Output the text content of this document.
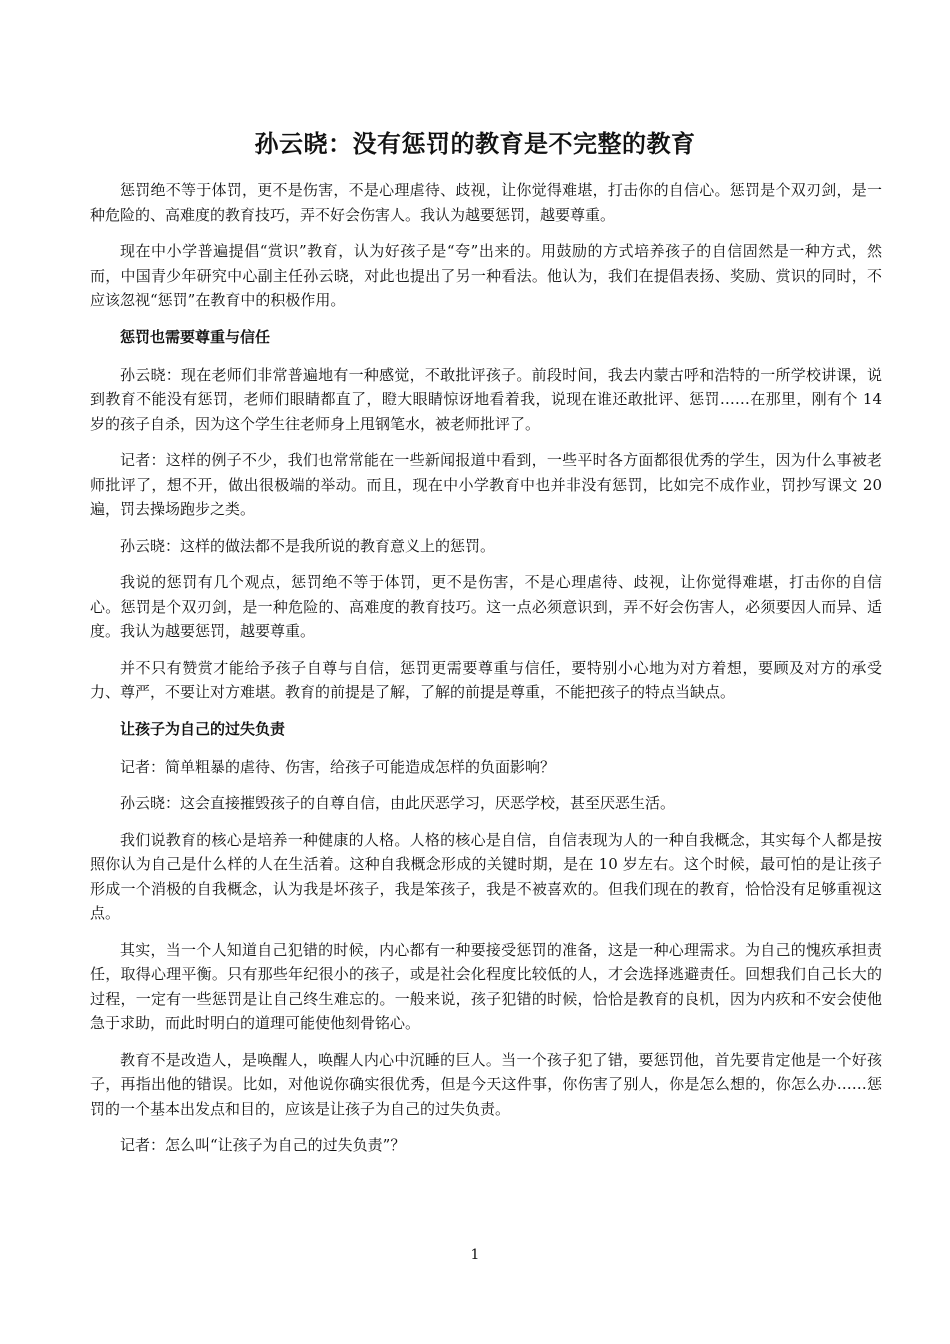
孙云晓：没有惩罚的教育是不完整的教育

惩罚绝不等于体罚，更不是伤害，不是心理虐待、歧视，让你觉得难堪，打击你的自信心。惩罚是个双刃剑，是一种危险的、高难度的教育技巧，弄不好会伤害人。我认为越要惩罚，越要尊重。

现在中小学普遍提倡“赏识”教育，认为好孩子是“夸”出来的。用鼓励的方式培养孩子的自信固然是一种方式，然而，中国青少年研究中心副主任孙云晓，对此也提出了另一种看法。他认为，我们在提倡表扬、奖励、赏识的同时，不应该忽视“惩罚”在教育中的积极作用。

惩罚也需要尊重与信任

孙云晓：现在老师们非常普遍地有一种感觉，不敢批评孩子。前段时间，我去内蒙古呼和浩特的一所学校讲课，说到教育不能没有惩罚，老师们眼睛都直了，瞪大眼睛惊讶地看着我，说现在谁还敢批评、惩罚……在那里，刚有个 14 岁的孩子自杀，因为这个学生往老师身上甩钢笔水，被老师批评了。

记者：这样的例子不少，我们也常常能在一些新闻报道中看到，一些平时各方面都很优秀的学生，因为什么事被老师批评了，想不开，做出很极端的举动。而且，现在中小学教育中也并非没有惩罚，比如完不成作业，罚抄写课文 20 遍，罚去操场跑步之类。

孙云晓：这样的做法都不是我所说的教育意义上的惩罚。

我说的惩罚有几个观点，惩罚绝不等于体罚，更不是伤害，不是心理虐待、歧视，让你觉得难堪，打击你的自信心。惩罚是个双刃剑，是一种危险的、高难度的教育技巧。这一点必须意识到，弄不好会伤害人，必须要因人而异、适度。我认为越要惩罚，越要尊重。

并不只有赞赏才能给予孩子自尊与自信，惩罚更需要尊重与信任，要特别小心地为对方着想，要顾及对方的承受力、尊严，不要让对方难堪。教育的前提是了解，了解的前提是尊重，不能把孩子的特点当缺点。

让孩子为自己的过失负责

记者：简单粗暴的虐待、伤害，给孩子可能造成怎样的负面影响？

孙云晓：这会直接摧毁孩子的自尊自信，由此厌恶学习，厌恶学校，甚至厌恶生活。

我们说教育的核心是培养一种健康的人格。人格的核心是自信，自信表现为人的一种自我概念，其实每个人都是按照你认为自己是什么样的人在生活着。这种自我概念形成的关键时期，是在 10 岁左右。这个时候，最可怕的是让孩子形成一个消极的自我概念，认为我是坏孩子，我是笨孩子，我是不被喜欢的。但我们现在的教育，恰恰没有足够重视这点。

其实，当一个人知道自己犯错的时候，内心都有一种要接受惩罚的准备，这是一种心理需求。为自己的愧疚承担责任，取得心理平衡。只有那些年纪很小的孩子，或是社会化程度比较低的人，才会选择逃避责任。回想我们自己长大的过程，一定有一些惩罚是让自己终生难忘的。一般来说，孩子犯错的时候，恰恰是教育的良机，因为内疚和不安会使他急于求助，而此时明白的道理可能使他刻骨铭心。

教育不是改造人，是唤醒人，唤醒人内心中沉睡的巨人。当一个孩子犯了错，要惩罚他，首先要肯定他是一个好孩子，再指出他的错误。比如，对他说你确实很优秀，但是今天这件事，你伤害了别人，你是怎么想的，你怎么办……惩罚的一个基本出发点和目的，应该是让孩子为自己的过失负责。

记者：怎么叫“让孩子为自己的过失负责”？

1
